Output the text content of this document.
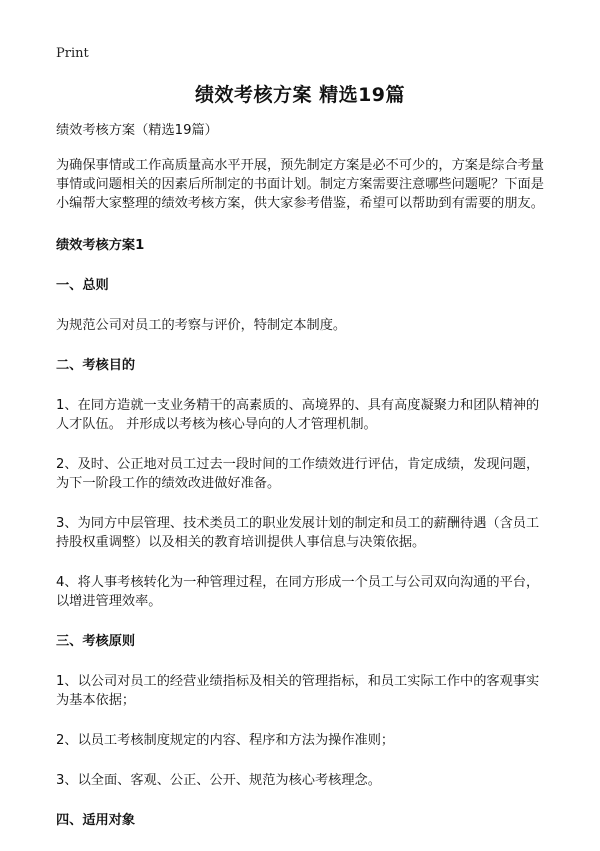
Print
绩效考核方案 精选19篇

绩效考核方案（精选19篇）

为确保事情或工作高质量高水平开展，预先制定方案是必不可少的，方案是综合考量事情或问题相关的因素后所制定的书面计划。制定方案需要注意哪些问题呢？下面是小编帮大家整理的绩效考核方案，供大家参考借鉴，希望可以帮助到有需要的朋友。

绩效考核方案1

一、总则

为规范公司对员工的考察与评价，特制定本制度。

二、考核目的

1、在同方造就一支业务精干的高素质的、高境界的、具有高度凝聚力和团队精神的人才队伍。 并形成以考核为核心导向的人才管理机制。

2、及时、公正地对员工过去一段时间的工作绩效进行评估，肯定成绩，发现问题，为下一阶段工作的绩效改进做好准备。

3、为同方中层管理、技术类员工的职业发展计划的制定和员工的薪酬待遇（含员工持股权重调整）以及相关的教育培训提供人事信息与决策依据。

4、将人事考核转化为一种管理过程，在同方形成一个员工与公司双向沟通的平台，以增进管理效率。

三、考核原则

1、以公司对员工的经营业绩指标及相关的管理指标，和员工实际工作中的客观事实为基本依据；

2、以员工考核制度规定的内容、程序和方法为操作准则；

3、以全面、客观、公正、公开、规范为核心考核理念。

四、适用对象
